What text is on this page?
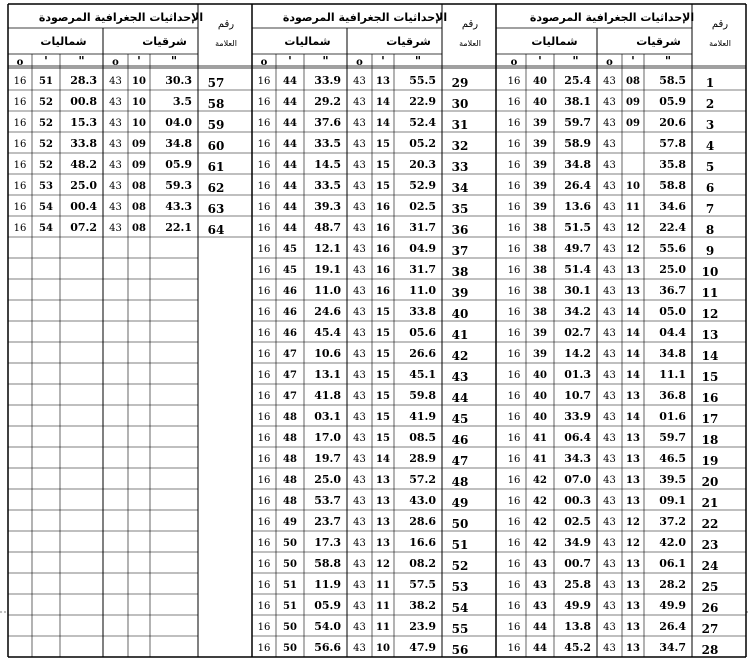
الإحداثيات الجغرافية المرصودة
رقم
العلامة
شرقيات
شماليات
"
'
o
"
'
o
1
58.5
08
43
25.4
40
16
2
05.9
09
43
38.1
40
16
3
20.6
09
43
59.7
39
16
4
57.8
43
58.9
39
16
5
35.8
43
34.8
39
16
6
58.8
10
43
26.4
39
16
7
34.6
11
43
13.6
39
16
8
22.4
12
43
51.5
38
16
9
55.6
12
43
49.7
38
16
10
25.0
13
43
51.4
38
16
11
36.7
13
43
30.1
38
16
12
05.0
14
43
34.2
38
16
13
04.4
14
43
02.7
39
16
14
34.8
14
43
14.2
39
16
15
11.1
14
43
01.3
40
16
16
36.8
13
43
10.7
40
16
17
01.6
14
43
33.9
40
16
18
59.7
13
43
06.4
41
16
19
46.5
13
43
34.3
41
16
20
39.5
13
43
07.0
42
16
21
09.1
13
43
00.3
42
16
22
37.2
12
43
02.5
42
16
23
42.0
12
43
34.9
42
16
24
06.1
13
43
00.7
43
16
25
28.2
13
43
25.8
43
16
26
49.9
13
43
49.9
43
16
27
26.4
13
43
13.8
44
16
28
34.7
13
43
45.2
44
16
الإحداثيات الجغرافية المرصودة
رقم
العلامة
شرقيات
شماليات
"
'
o
"
'
o
29
55.5
13
43
33.9
44
16
30
22.9
14
43
29.2
44
16
31
52.4
14
43
37.6
44
16
32
05.2
15
43
33.5
44
16
33
20.3
15
43
14.5
44
16
34
52.9
15
43
33.5
44
16
35
02.5
16
43
39.3
44
16
36
31.7
16
43
48.7
44
16
37
04.9
16
43
12.1
45
16
38
31.7
16
43
19.1
45
16
39
11.0
16
43
11.0
46
16
40
33.8
15
43
24.6
46
16
41
05.6
15
43
45.4
46
16
42
26.6
15
43
10.6
47
16
43
45.1
15
43
13.1
47
16
44
59.8
15
43
41.8
47
16
45
41.9
15
43
03.1
48
16
46
08.5
15
43
17.0
48
16
47
28.9
14
43
19.7
48
16
48
57.2
13
43
25.0
48
16
49
43.0
13
43
53.7
48
16
50
28.6
13
43
23.7
49
16
51
16.6
13
43
17.3
50
16
52
08.2
12
43
58.8
50
16
53
57.5
11
43
11.9
51
16
54
38.2
11
43
05.9
51
16
55
23.9
11
43
54.0
50
16
56
47.9
10
43
56.6
50
16
الإحداثيات الجغرافية المرصودة
رقم
العلامة
شرقيات
شماليات
"
'
o
"
'
o
57
30.3
10
43
28.3
51
16
58
3.5
10
43
00.8
52
16
59
04.0
10
43
15.3
52
16
60
34.8
09
43
33.8
52
16
61
05.9
09
43
48.2
52
16
62
59.3
08
43
25.0
53
16
63
43.3
08
43
00.4
54
16
64
22.1
08
43
07.2
54
16
